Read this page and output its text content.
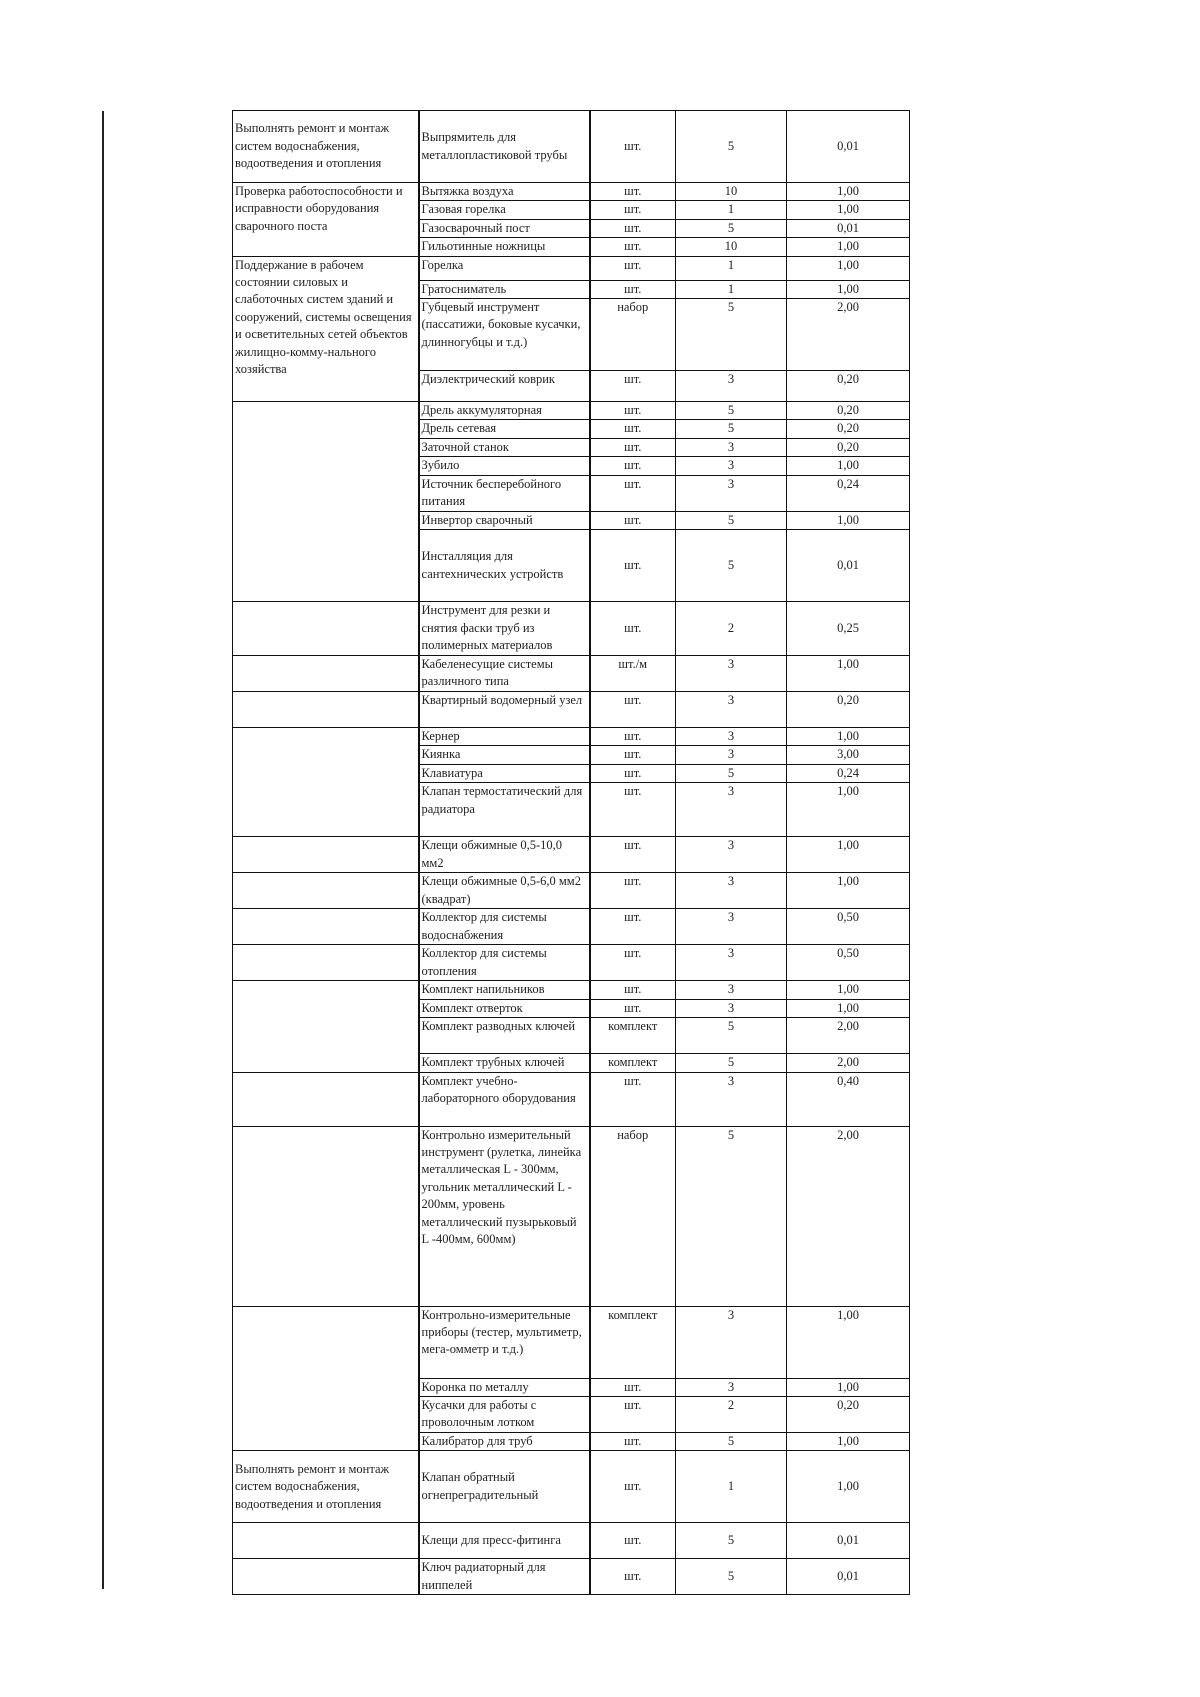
Выполнять ремонт и монтаж систем водоснабжения, водоотведения и отопления	Выпрямитель для металлопластиковой трубы	шт.	5	0,01
Проверка работоспособности и исправности оборудования сварочного поста	Вытяжка воздуха	шт.	10	1,00
	Газовая горелка	шт.	1	1,00
	Газосварочный пост	шт.	5	0,01
	Гильотинные ножницы	шт.	10	1,00
Поддержание в рабочем состоянии силовых и слаботочных систем зданий и сооружений, системы освещения и осветительных сетей объектов жилищно-комму-нального хозяйства	Горелка	шт.	1	1,00
	Гратосниматель	шт.	1	1,00
	Губцевый инструмент (пассатижи, боковые кусачки, длинногубцы и т.д.)	набор	5	2,00
	Диэлектрический коврик	шт.	3	0,20
	Дрель аккумуляторная	шт.	5	0,20
	Дрель сетевая	шт.	5	0,20
	Заточной станок	шт.	3	0,20
	Зубило	шт.	3	1,00
	Источник бесперебойного питания	шт.	3	0,24
	Инвертор сварочный	шт.	5	1,00
	Инсталляция для сантехнических устройств	шт.	5	0,01
	Инструмент для резки и снятия фаски труб из полимерных материалов	шт.	2	0,25
	Кабеленесущие системы различного типа	шт./м	3	1,00
	Квартирный водомерный узел	шт.	3	0,20
	Кернер	шт.	3	1,00
	Киянка	шт.	3	3,00
	Клавиатура	шт.	5	0,24
	Клапан термостатический для радиатора	шт.	3	1,00
	Клещи обжимные 0,5-10,0 мм2	шт.	3	1,00
	Клещи обжимные 0,5-6,0 мм2 (квадрат)	шт.	3	1,00
	Коллектор для системы водоснабжения	шт.	3	0,50
	Коллектор для системы отопления	шт.	3	0,50
	Комплект напильников	шт.	3	1,00
	Комплект отверток	шт.	3	1,00
	Комплект разводных ключей	комплект	5	2,00
	Комплект трубных ключей	комплект	5	2,00
	Комплект учебно-лабораторного оборудования	шт.	3	0,40
	Контрольно измерительный инструмент (рулетка, линейка металлическая L - 300мм, угольник металлический L - 200мм, уровень металлический пузырьковый L -400мм, 600мм)	набор	5	2,00
	Контрольно-измерительные приборы (тестер, мультиметр, мега-омметр и т.д.)	комплект	3	1,00
	Коронка по металлу	шт.	3	1,00
	Кусачки для работы с проволочным лотком	шт.	2	0,20
	Калибратор для труб	шт.	5	1,00
Выполнять ремонт и монтаж систем водоснабжения, водоотведения и отопления	Клапан обратный огнепреградительный	шт.	1	1,00
	Клещи для пресс-фитинга	шт.	5	0,01
	Ключ радиаторный для ниппелей	шт.	5	0,01
